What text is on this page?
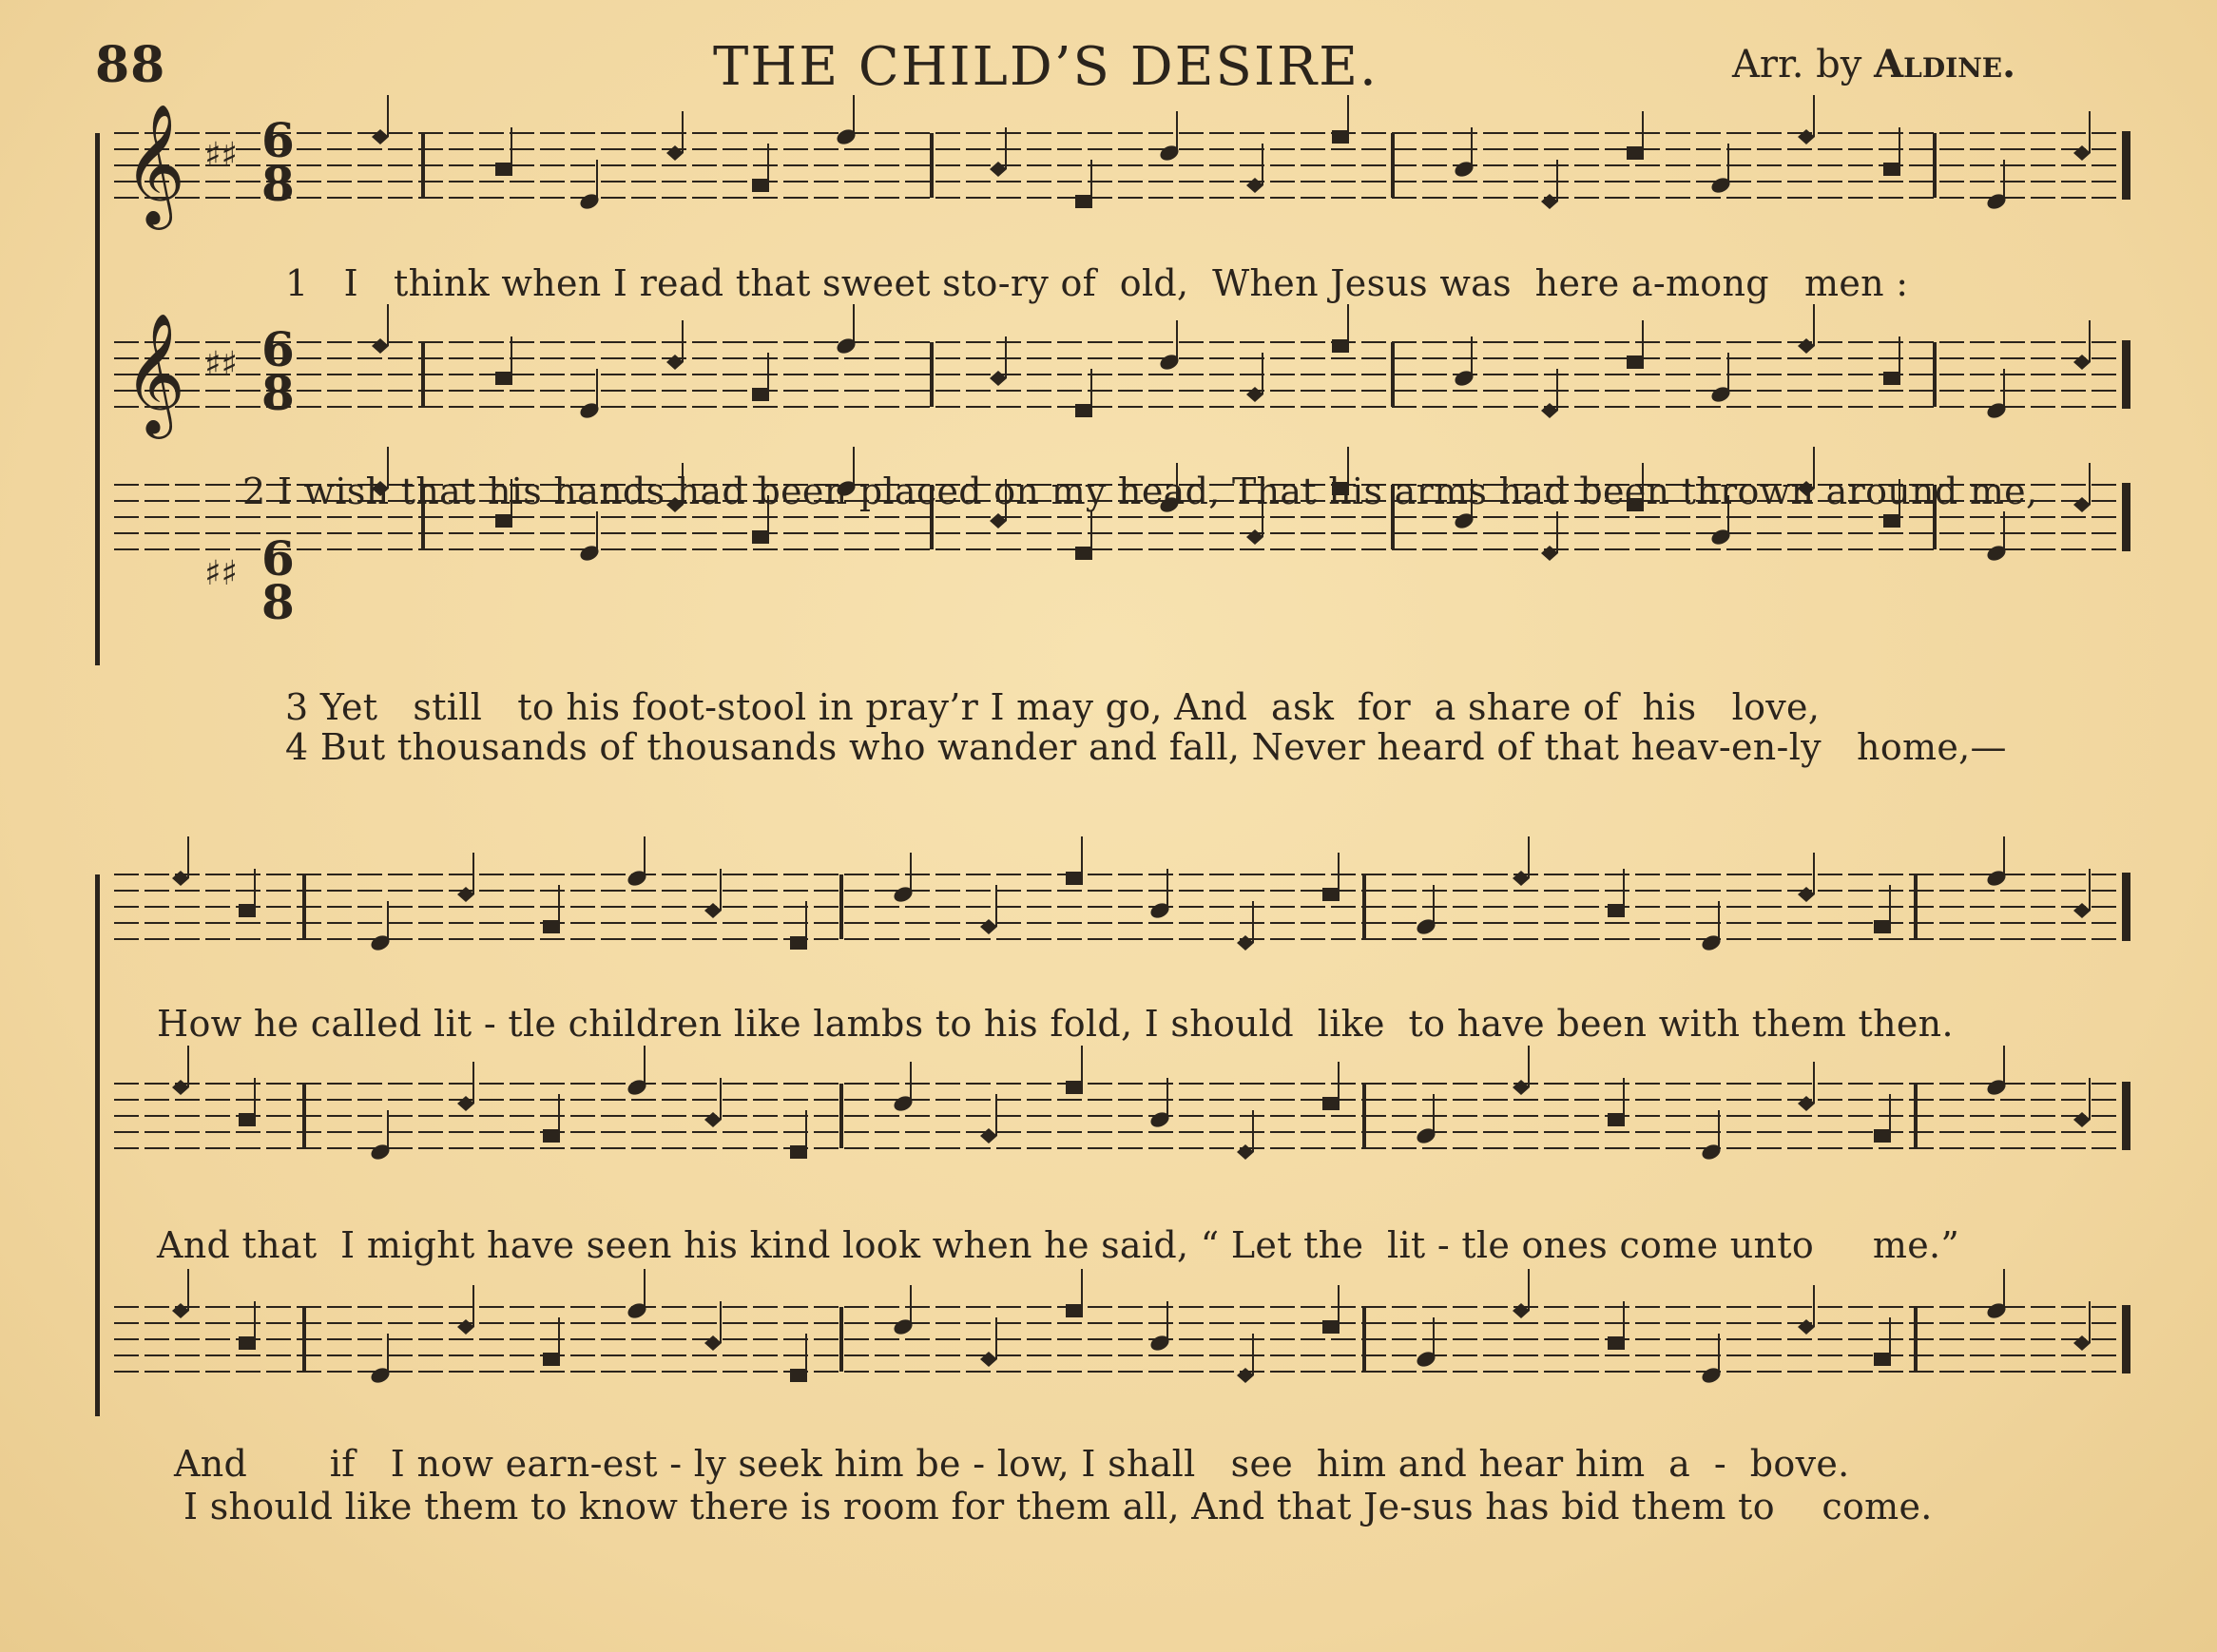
88	THE CHILD’S DESIRE.	Arr. by Aldine.
𝄞
𝄞
6
8
♯♯
6
8
♯♯
6
8
♯♯
1   I   think when I read that sweet sto-ry of  old,  When Jesus was  here a-mong   men :
2 I wish that his hands had been placed on my head, That his arms had been thrown around me,
3 Yet   still   to his foot-stool in pray’r I may go, And  ask  for  a share of  his   love,
4 But thousands of thousands who wander and fall, Never heard of that heav-en-ly   home,—
How he called lit - tle children like lambs to his fold, I should  like  to have been with them then.
And that  I might have seen his kind look when he said, “ Let the  lit - tle ones come unto     me.”
And       if   I now earn-est - ly seek him be - low, I shall   see  him and hear him  a  -  bove.
I should like them to know there is room for them all, And that Je-sus has bid them to    come.
